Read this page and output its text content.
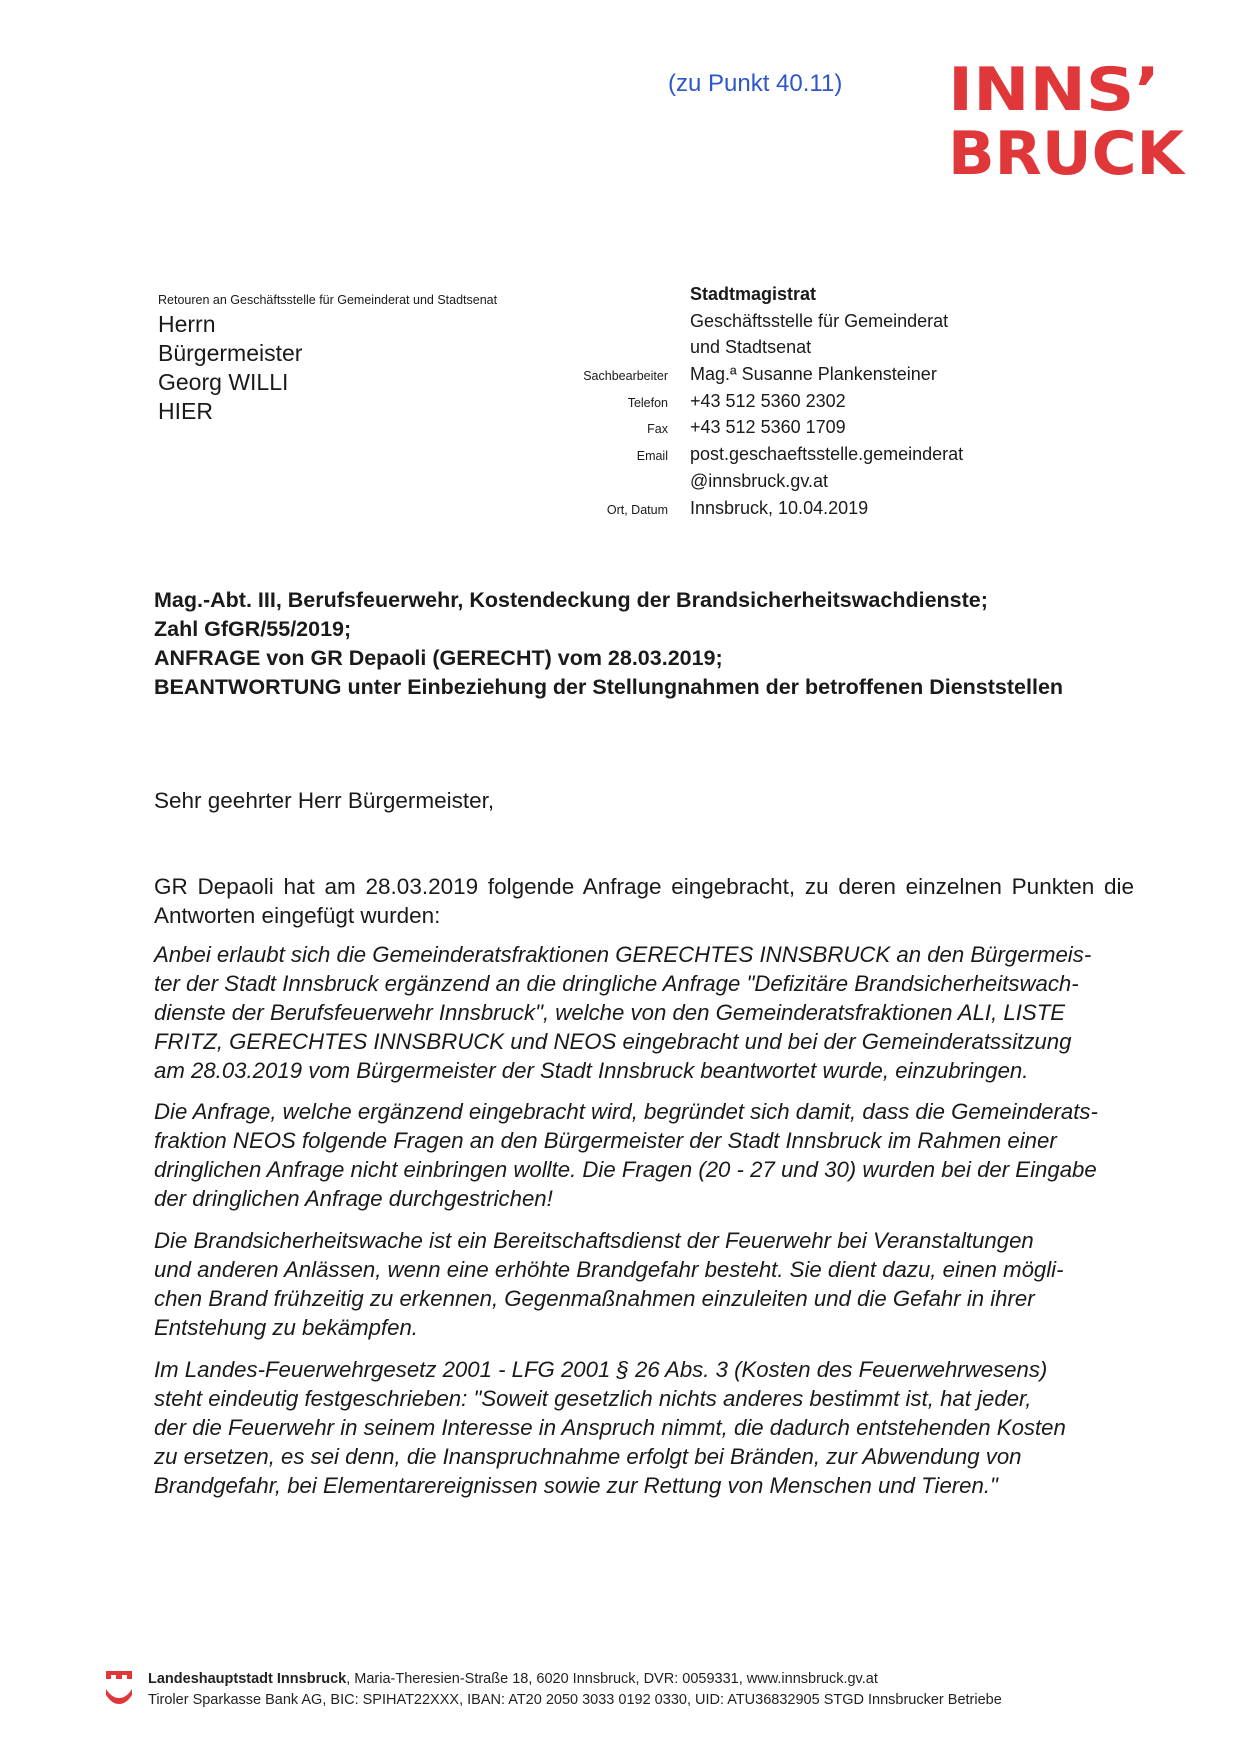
(zu Punkt 40.11) INNS’
BRUCK
Retouren an Geschäftsstelle für Gemeinderat und Stadtsenat
Herrn
Bürgermeister
Georg WILLI
HIER
Stadtmagistrat
Geschäftsstelle für Gemeinderat
und Stadtsenat
Sachbearbeiter	Mag.ª Susanne Plankensteiner
Telefon	+43 512 5360 2302
Fax	+43 512 5360 1709
Email	post.geschaeftsstelle.gemeinderat
@innsbruck.gv.at
Ort, Datum	Innsbruck, 10.04.2019
Mag.-Abt. III, Berufsfeuerwehr, Kostendeckung der Brandsicherheitswachdienste;
Zahl GfGR/55/2019;
ANFRAGE von GR Depaoli (GERECHT) vom 28.03.2019;
BEANTWORTUNG unter Einbeziehung der Stellungnahmen der betroffenen Dienststellen
Sehr geehrter Herr Bürgermeister,
GR Depaoli hat am 28.03.2019 folgende Anfrage eingebracht, zu deren einzelnen Punkten die Antworten eingefügt wurden:
Anbei erlaubt sich die Gemeinderatsfraktionen GERECHTES INNSBRUCK an den Bürgermeis-
ter der Stadt Innsbruck ergänzend an die dringliche Anfrage "Defizitäre Brandsicherheitswach-
dienste der Berufsfeuerwehr Innsbruck", welche von den Gemeinderatsfraktionen ALI, LISTE
FRITZ, GERECHTES INNSBRUCK und NEOS eingebracht und bei der Gemeinderatssitzung
am 28.03.2019 vom Bürgermeister der Stadt Innsbruck beantwortet wurde, einzubringen.
Die Anfrage, welche ergänzend eingebracht wird, begründet sich damit, dass die Gemeinderats-
fraktion NEOS folgende Fragen an den Bürgermeister der Stadt Innsbruck im Rahmen einer
dringlichen Anfrage nicht einbringen wollte. Die Fragen (20 - 27 und 30) wurden bei der Eingabe
der dringlichen Anfrage durchgestrichen!
Die Brandsicherheitswache ist ein Bereitschaftsdienst der Feuerwehr bei Veranstaltungen
und anderen Anlässen, wenn eine erhöhte Brandgefahr besteht. Sie dient dazu, einen mögli-
chen Brand frühzeitig zu erkennen, Gegenmaßnahmen einzuleiten und die Gefahr in ihrer
Entstehung zu bekämpfen.
Im Landes-Feuerwehrgesetz 2001 - LFG 2001 § 26 Abs. 3 (Kosten des Feuerwehrwesens)
steht eindeutig festgeschrieben: "Soweit gesetzlich nichts anderes bestimmt ist, hat jeder,
der die Feuerwehr in seinem Interesse in Anspruch nimmt, die dadurch entstehenden Kosten
zu ersetzen, es sei denn, die Inanspruchnahme erfolgt bei Bränden, zur Abwendung von
Brandgefahr, bei Elementarereignissen sowie zur Rettung von Menschen und Tieren."
Landeshauptstadt Innsbruck, Maria-Theresien-Straße 18, 6020 Innsbruck, DVR: 0059331, www.innsbruck.gv.at
Tiroler Sparkasse Bank AG, BIC: SPIHAT22XXX, IBAN: AT20 2050 3033 0192 0330, UID: ATU36832905 STGD Innsbrucker Betriebe
